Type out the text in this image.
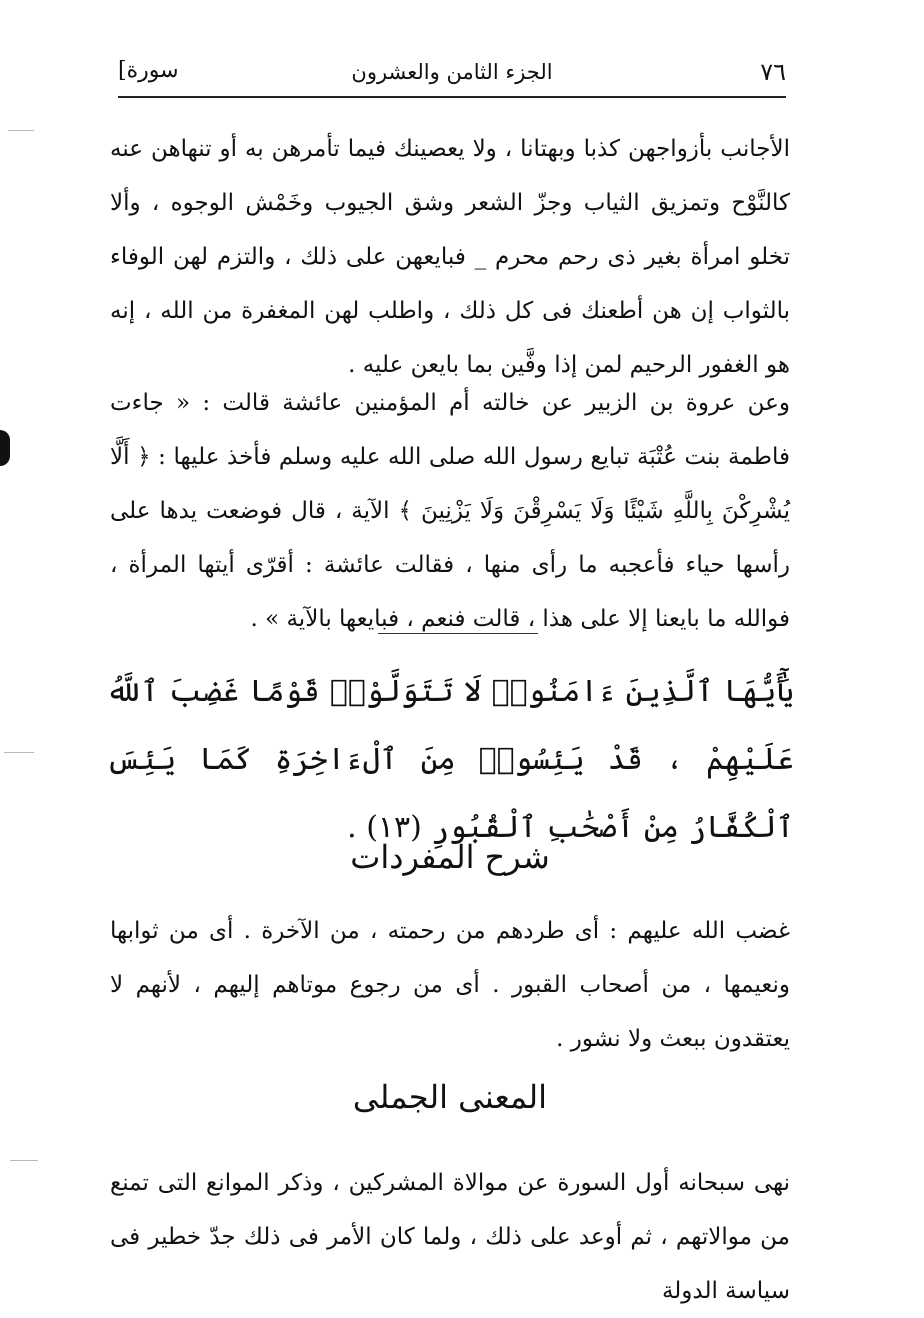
٧٦
الجزء الثامن والعشرون
[سورة
الأجانب بأزواجهن كذبا وبهتانا ، ولا يعصينك فيما تأمرهن به أو تنهاهن عنه كالنَّوْح وتمزيق الثياب وجزّ الشعر وشق الجيوب وخَمْش الوجوه ، وألا تخلو امرأة بغير ذى رحم محرم _ فبايعهن على ذلك ، والتزم لهن الوفاء بالثواب إن هن أطعنك فى كل ذلك ، واطلب لهن المغفرة من الله ، إنه هو الغفور الرحيم لمن إذا وفَّين بما بايعن عليه .
وعن عروة بن الزبير عن خالته أم المؤمنين عائشة قالت : « جاءت فاطمة بنت عُتْبَة تبايع رسول الله صلى الله عليه وسلم فأخذ عليها : ﴿ أَلَّا يُشْرِكْنَ بِاللَّهِ شَيْئًا وَلَا يَسْرِقْنَ وَلَا يَزْنِينَ ﴾ الآية ، قال فوضعت يدها على رأسها حياء فأعجبه ما رأى منها ، فقالت عائشة : أقرّى أيتها المرأة ، فوالله ما بايعنا إلا على هذا ، قالت فنعم ، فبايعها بالآية » .
يَٰٓأَيُّهَا ٱلَّذِينَ ءَامَنُوا۟ لَا تَتَوَلَّوْا۟ قَوْمًا غَضِبَ ٱللَّهُ عَلَيْهِمْ ، قَدْ يَئِسُوا۟ مِنَ ٱلْءَاخِرَةِ كَمَا يَئِسَ ٱلْكُفَّارُ مِنْ أَصْحَٰبِ ٱلْقُبُورِ (١٣) .
شرح المفردات
غضب الله عليهم : أى طردهم من رحمته ، من الآخرة . أى من ثوابها ونعيمها ، من أصحاب القبور . أى من رجوع موتاهم إليهم ، لأنهم لا يعتقدون ببعث ولا نشور .
المعنى الجملى
نهى سبحانه أول السورة عن موالاة المشركين ، وذكر الموانع التى تمنع من موالاتهم ، ثم أوعد على ذلك ، ولما كان الأمر فى ذلك جدّ خطير فى سياسة الدولة
